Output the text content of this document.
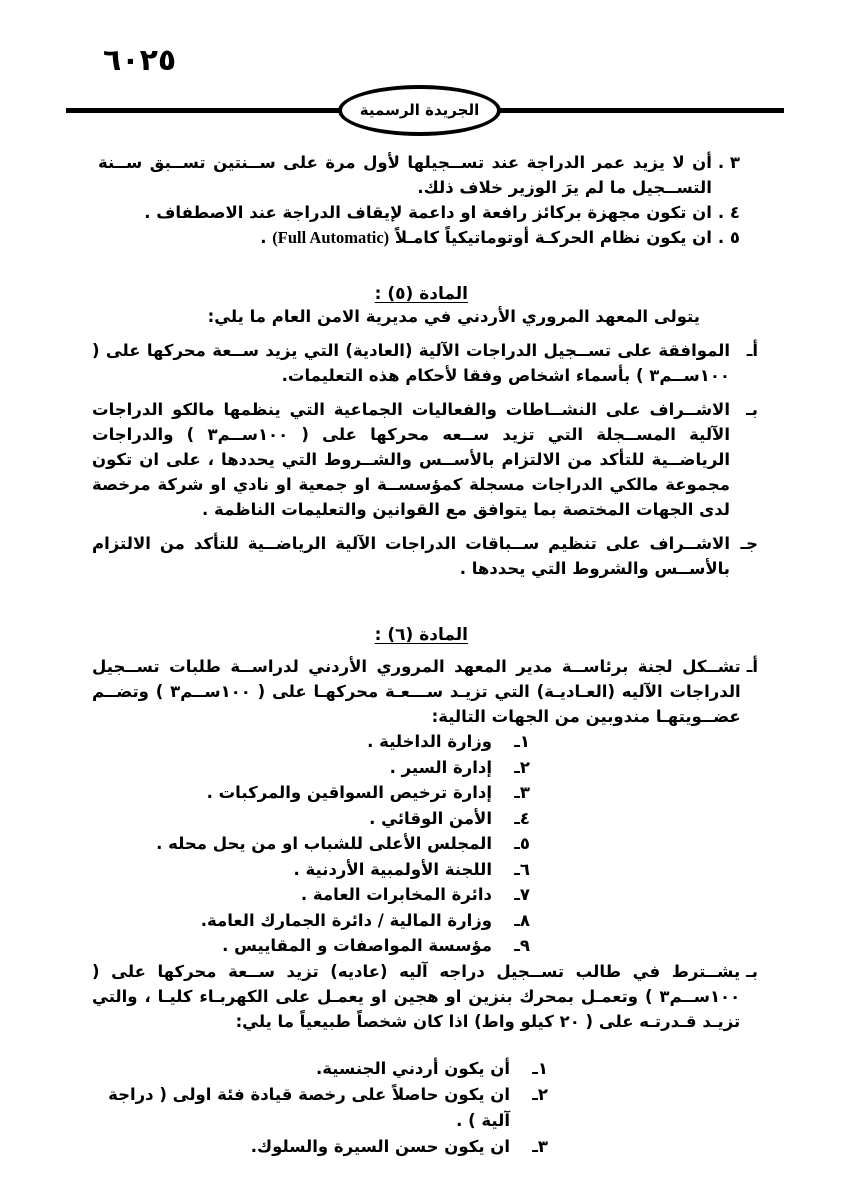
٦٠٢٥
الجريدة الرسمية
٣ .
أن لا يزيد عمر الدراجة عند تســجيلها لأول مرة على ســنتين تســبق ســنة التســجيل ما لم يرَ الوزير خلاف ذلك.
٤ .
ان تكون مجهزة بركائز رافعة او داعمة لإيقاف الدراجة عند الاصطفاف .
٥ .
ان يكون نظام الحركـة أوتوماتيكياً كامـلاً (Full Automatic) .
المادة (٥) :
يتولى المعهد المروري الأردني في مديرية الامن العام ما يلي:
أـ
الموافقة على تســجيل الدراجات الآلية (العادية) التي يزيد ســعة محركها على ( ١٠٠ســم٣ ) بأسماء اشخاص وفقا لأحكام هذه التعليمات.
بـ
الاشــراف على النشــاطات والفعاليات الجماعية التي ينظمها مالكو الدراجات الآلية المســجلة التي تزيد ســعه محركها على ( ١٠٠ســم٣ ) والدراجات الرياضــية للتأكد من الالتزام بالأســس والشــروط التي يحددها ، على ان تكون مجموعة مالكي الدراجات مسجلة كمؤسســة او جمعية او نادي او شركة مرخصة لدى الجهات المختصة بما يتوافق مع القوانين والتعليمات الناظمة .
جـ
الاشــراف على تنظيم ســباقات الدراجات الآلية الرياضــية للتأكد من الالتزام بالأســس والشروط التي يحددها .
المادة (٦) :
أـ
تشــكل لجنة برئاســة مدير المعهد المروري الأردني لدراســة طلبات تســجيل الدراجات الآليه (العـاديـة) التي تزيـد ســـعـة محركهـا على ( ١٠٠ســم٣ ) وتضــم عضــويتهـا مندوبين من الجهات التالية:
١ـ
وزارة الداخلية .
٢ـ
إدارة السير .
٣ـ
إدارة ترخيص السواقين والمركبات .
٤ـ
الأمن الوقائي .
٥ـ
المجلس الأعلى للشباب او من يحل محله .
٦ـ
اللجنة الأولمبية الأردنية .
٧ـ
دائرة المخابرات العامة .
٨ـ
وزارة المالية / دائرة الجمارك العامة.
٩ـ
مؤسسة المواصفات و المقاييس .
بـ
يشــترط في طالب تســجيل دراجه آليه (عاديه) تزيد ســعة محركها على ( ١٠٠ســم٣ ) وتعمـل بمحرك بنزين او هجين او يعمـل على الكهربـاء كليـا ، والتي تزيـد قـدرتـه على ( ٢٠ كيلو واط) اذا كان شخصاً طبيعياً ما يلي:
١ـ
أن يكون أردني الجنسية.
٢ـ
ان يكون حاصلاً على رخصة قيادة فئة اولى ( دراجة آلية ) .
٣ـ
ان يكون حسن السيرة والسلوك.
